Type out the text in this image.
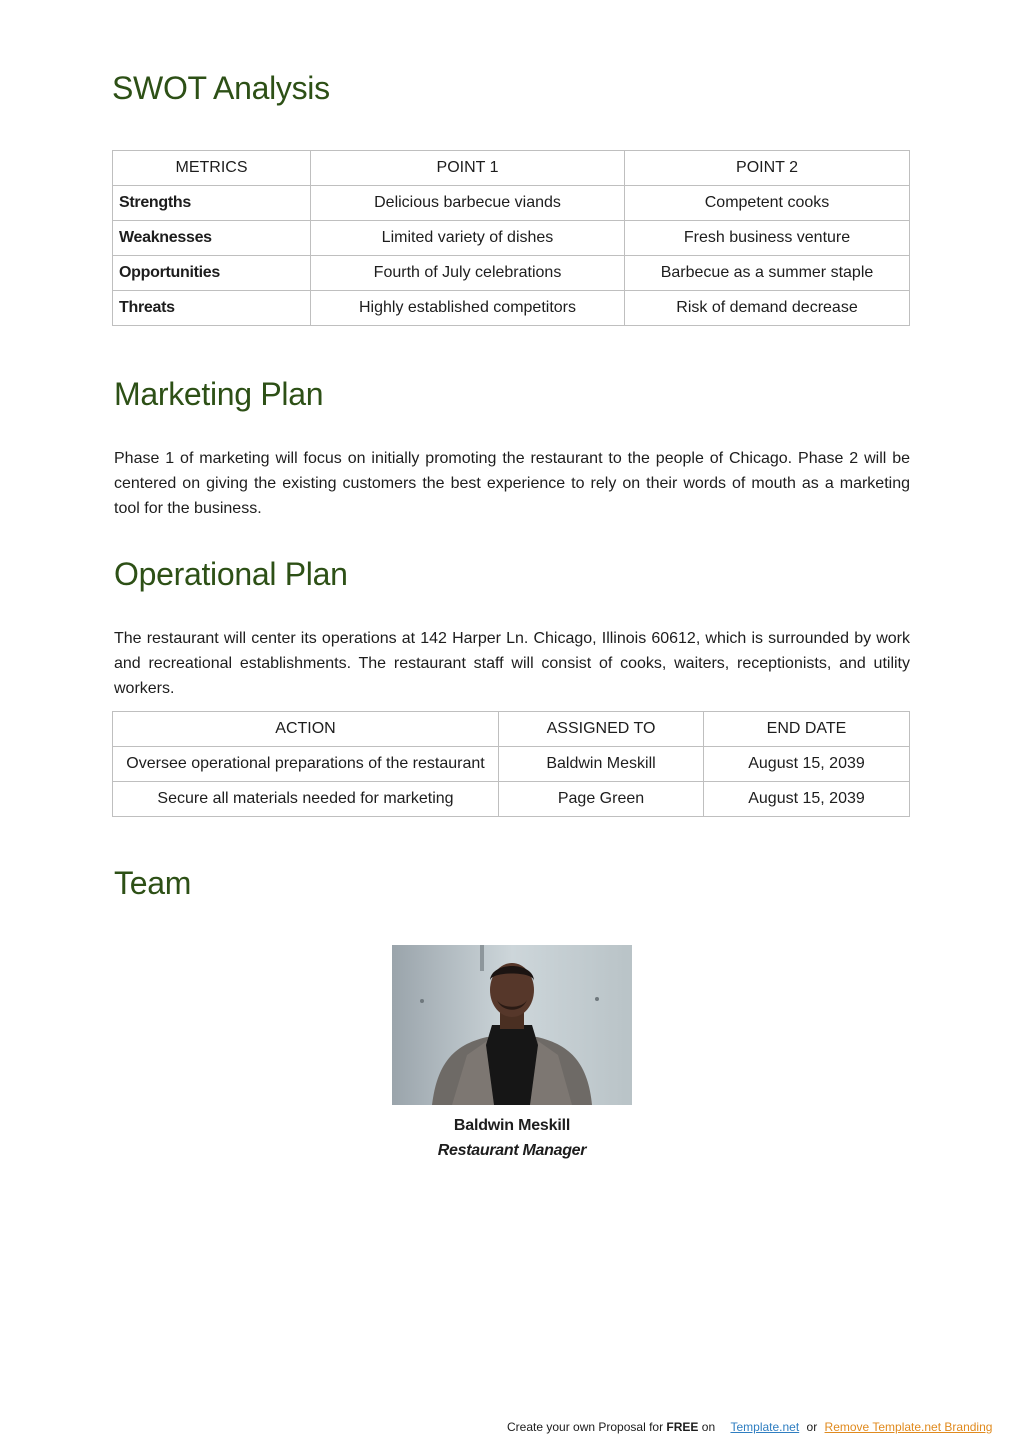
SWOT Analysis
METRICS	POINT 1	POINT 2
Strengths	Delicious barbecue viands	Competent cooks
Weaknesses	Limited variety of dishes	Fresh business venture
Opportunities	Fourth of July celebrations	Barbecue as a summer staple
Threats	Highly established competitors	Risk of demand decrease
Marketing Plan

Phase 1 of marketing will focus on initially promoting the restaurant to the people of Chicago. Phase 2 will be centered on giving the existing customers the best experience to rely on their words of mouth as a marketing tool for the business.

Operational Plan

The restaurant will center its operations at 142 Harper Ln. Chicago, Illinois 60612, which is surrounded by work and recreational establishments. The restaurant staff will consist of cooks, waiters, receptionists, and utility workers.

ACTION	ASSIGNED TO	END DATE
Oversee operational preparations of the restaurant	Baldwin Meskill	August 15, 2039
Secure all materials needed for marketing	Page Green	August 15, 2039
Team
Baldwin Meskill
Restaurant Manager
Create your own Proposal for FREE on Template.net or Remove Template.net Branding
